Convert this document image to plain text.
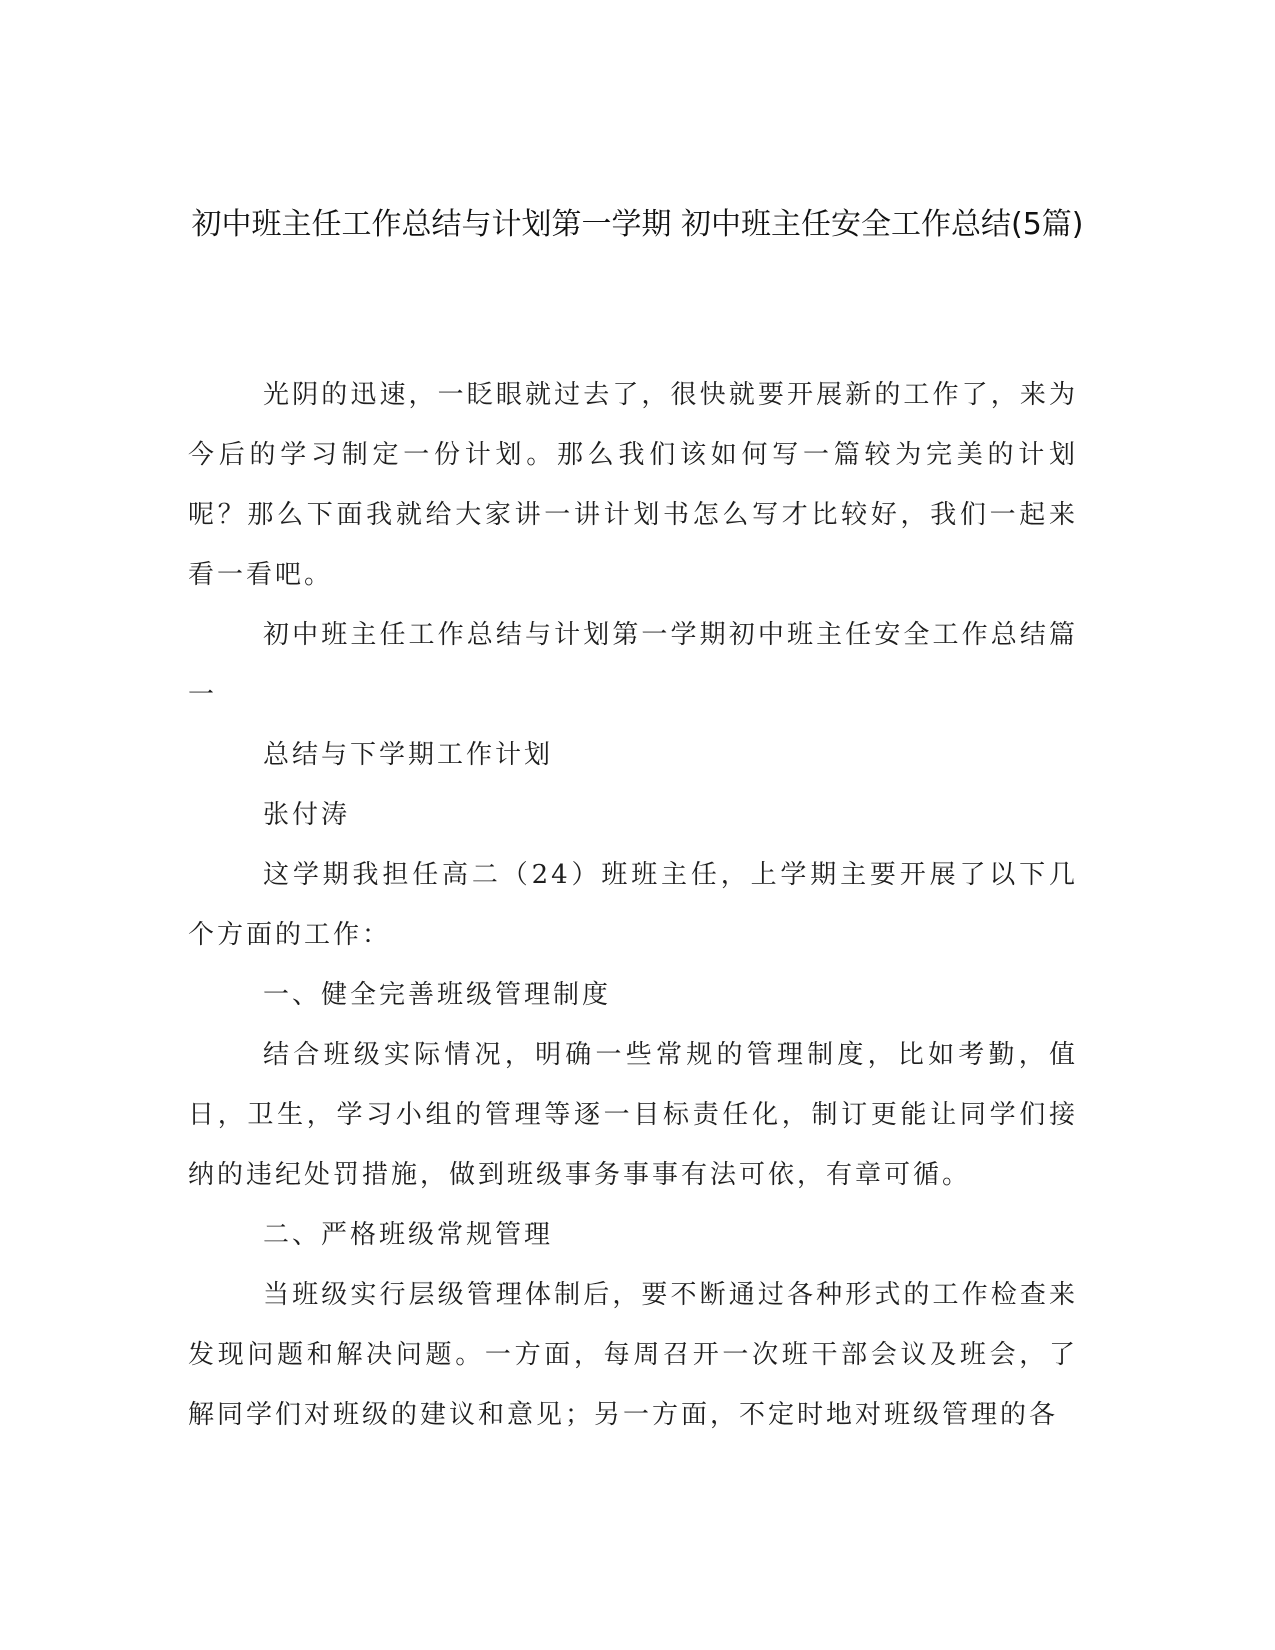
初中班主任工作总结与计划第一学期 初中班主任安全工作总结(5篇)

光阴的迅速，一眨眼就过去了，很快就要开展新的工作了，来为今后的学习制定一份计划。那么我们该如何写一篇较为完美的计划呢？那么下面我就给大家讲一讲计划书怎么写才比较好，我们一起来看一看吧。

初中班主任工作总结与计划第一学期初中班主任安全工作总结篇一

总结与下学期工作计划

张付涛

这学期我担任高二（24）班班主任，上学期主要开展了以下几个方面的工作：

一、健全完善班级管理制度

结合班级实际情况，明确一些常规的管理制度，比如考勤，值日，卫生，学习小组的管理等逐一目标责任化，制订更能让同学们接纳的违纪处罚措施，做到班级事务事事有法可依，有章可循。

二、严格班级常规管理

当班级实行层级管理体制后，要不断通过各种形式的工作检查来发现问题和解决问题。一方面，每周召开一次班干部会议及班会，了解同学们对班级的建议和意见；另一方面，不定时地对班级管理的各
